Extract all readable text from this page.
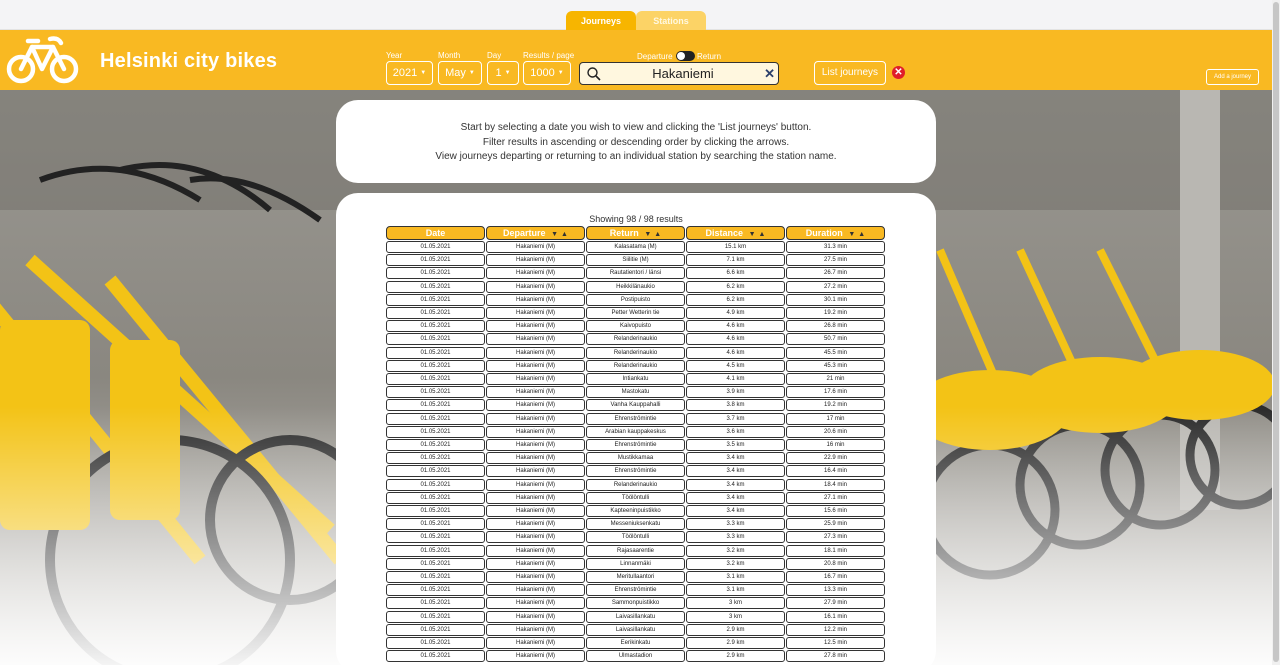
Journeys	Stations
Helsinki city bikes	Year	Month	Day	Results / page
2021 ▼	May ▼	1 ▼	1000 ▼
Departure	Return
Hakaniemi
✕	List journeys	✕	Add a journey
Start by selecting a date you wish to view and clicking the 'List journeys' button.
Filter results in ascending or descending order by clicking the arrows.
View journeys departing or returning to an individual station by searching the station name.
Showing 98 / 98 results
Date	Departure ▼ ▲	Return ▼ ▲	Distance ▼ ▲	Duration ▼ ▲
01.05.2021	Hakaniemi (M)	Kalasatama (M)	15.1 km	31.3 min
01.05.2021	Hakaniemi (M)	Siilitie (M)	7.1 km	27.5 min
01.05.2021	Hakaniemi (M)	Rautatientori / länsi	6.6 km	26.7 min
01.05.2021	Hakaniemi (M)	Heikkilänaukio	6.2 km	27.2 min
01.05.2021	Hakaniemi (M)	Postipuisto	6.2 km	30.1 min
01.05.2021	Hakaniemi (M)	Petter Wetterin tie	4.9 km	19.2 min
01.05.2021	Hakaniemi (M)	Kaivopuisto	4.6 km	26.8 min
01.05.2021	Hakaniemi (M)	Relanderinaukio	4.6 km	50.7 min
01.05.2021	Hakaniemi (M)	Relanderinaukio	4.6 km	45.5 min
01.05.2021	Hakaniemi (M)	Relanderinaukio	4.5 km	45.3 min
01.05.2021	Hakaniemi (M)	Intiankatu	4.1 km	21 min
01.05.2021	Hakaniemi (M)	Mastokatu	3.9 km	17.6 min
01.05.2021	Hakaniemi (M)	Vanha Kauppahalli	3.8 km	19.2 min
01.05.2021	Hakaniemi (M)	Ehrenströmintie	3.7 km	17 min
01.05.2021	Hakaniemi (M)	Arabian kauppakeskus	3.6 km	20.6 min
01.05.2021	Hakaniemi (M)	Ehrenströmintie	3.5 km	16 min
01.05.2021	Hakaniemi (M)	Mustikkamaa	3.4 km	22.9 min
01.05.2021	Hakaniemi (M)	Ehrenströmintie	3.4 km	16.4 min
01.05.2021	Hakaniemi (M)	Relanderinaukio	3.4 km	18.4 min
01.05.2021	Hakaniemi (M)	Töölöntulli	3.4 km	27.1 min
01.05.2021	Hakaniemi (M)	Kapteeninpuistikko	3.4 km	15.6 min
01.05.2021	Hakaniemi (M)	Messeniuksenkatu	3.3 km	25.9 min
01.05.2021	Hakaniemi (M)	Töölöntulli	3.3 km	27.3 min
01.05.2021	Hakaniemi (M)	Rajasaarentie	3.2 km	18.1 min
01.05.2021	Hakaniemi (M)	Linnanmäki	3.2 km	20.8 min
01.05.2021	Hakaniemi (M)	Meritullaantori	3.1 km	16.7 min
01.05.2021	Hakaniemi (M)	Ehrenströmintie	3.1 km	13.3 min
01.05.2021	Hakaniemi (M)	Sammonpuistikko	3 km	27.9 min
01.05.2021	Hakaniemi (M)	Laivasillankatu	3 km	16.1 min
01.05.2021	Hakaniemi (M)	Laivasillankatu	2.9 km	12.2 min
01.05.2021	Hakaniemi (M)	Eerikinkatu	2.9 km	12.5 min
01.05.2021	Hakaniemi (M)	Ulmastadion	2.9 km	27.8 min
